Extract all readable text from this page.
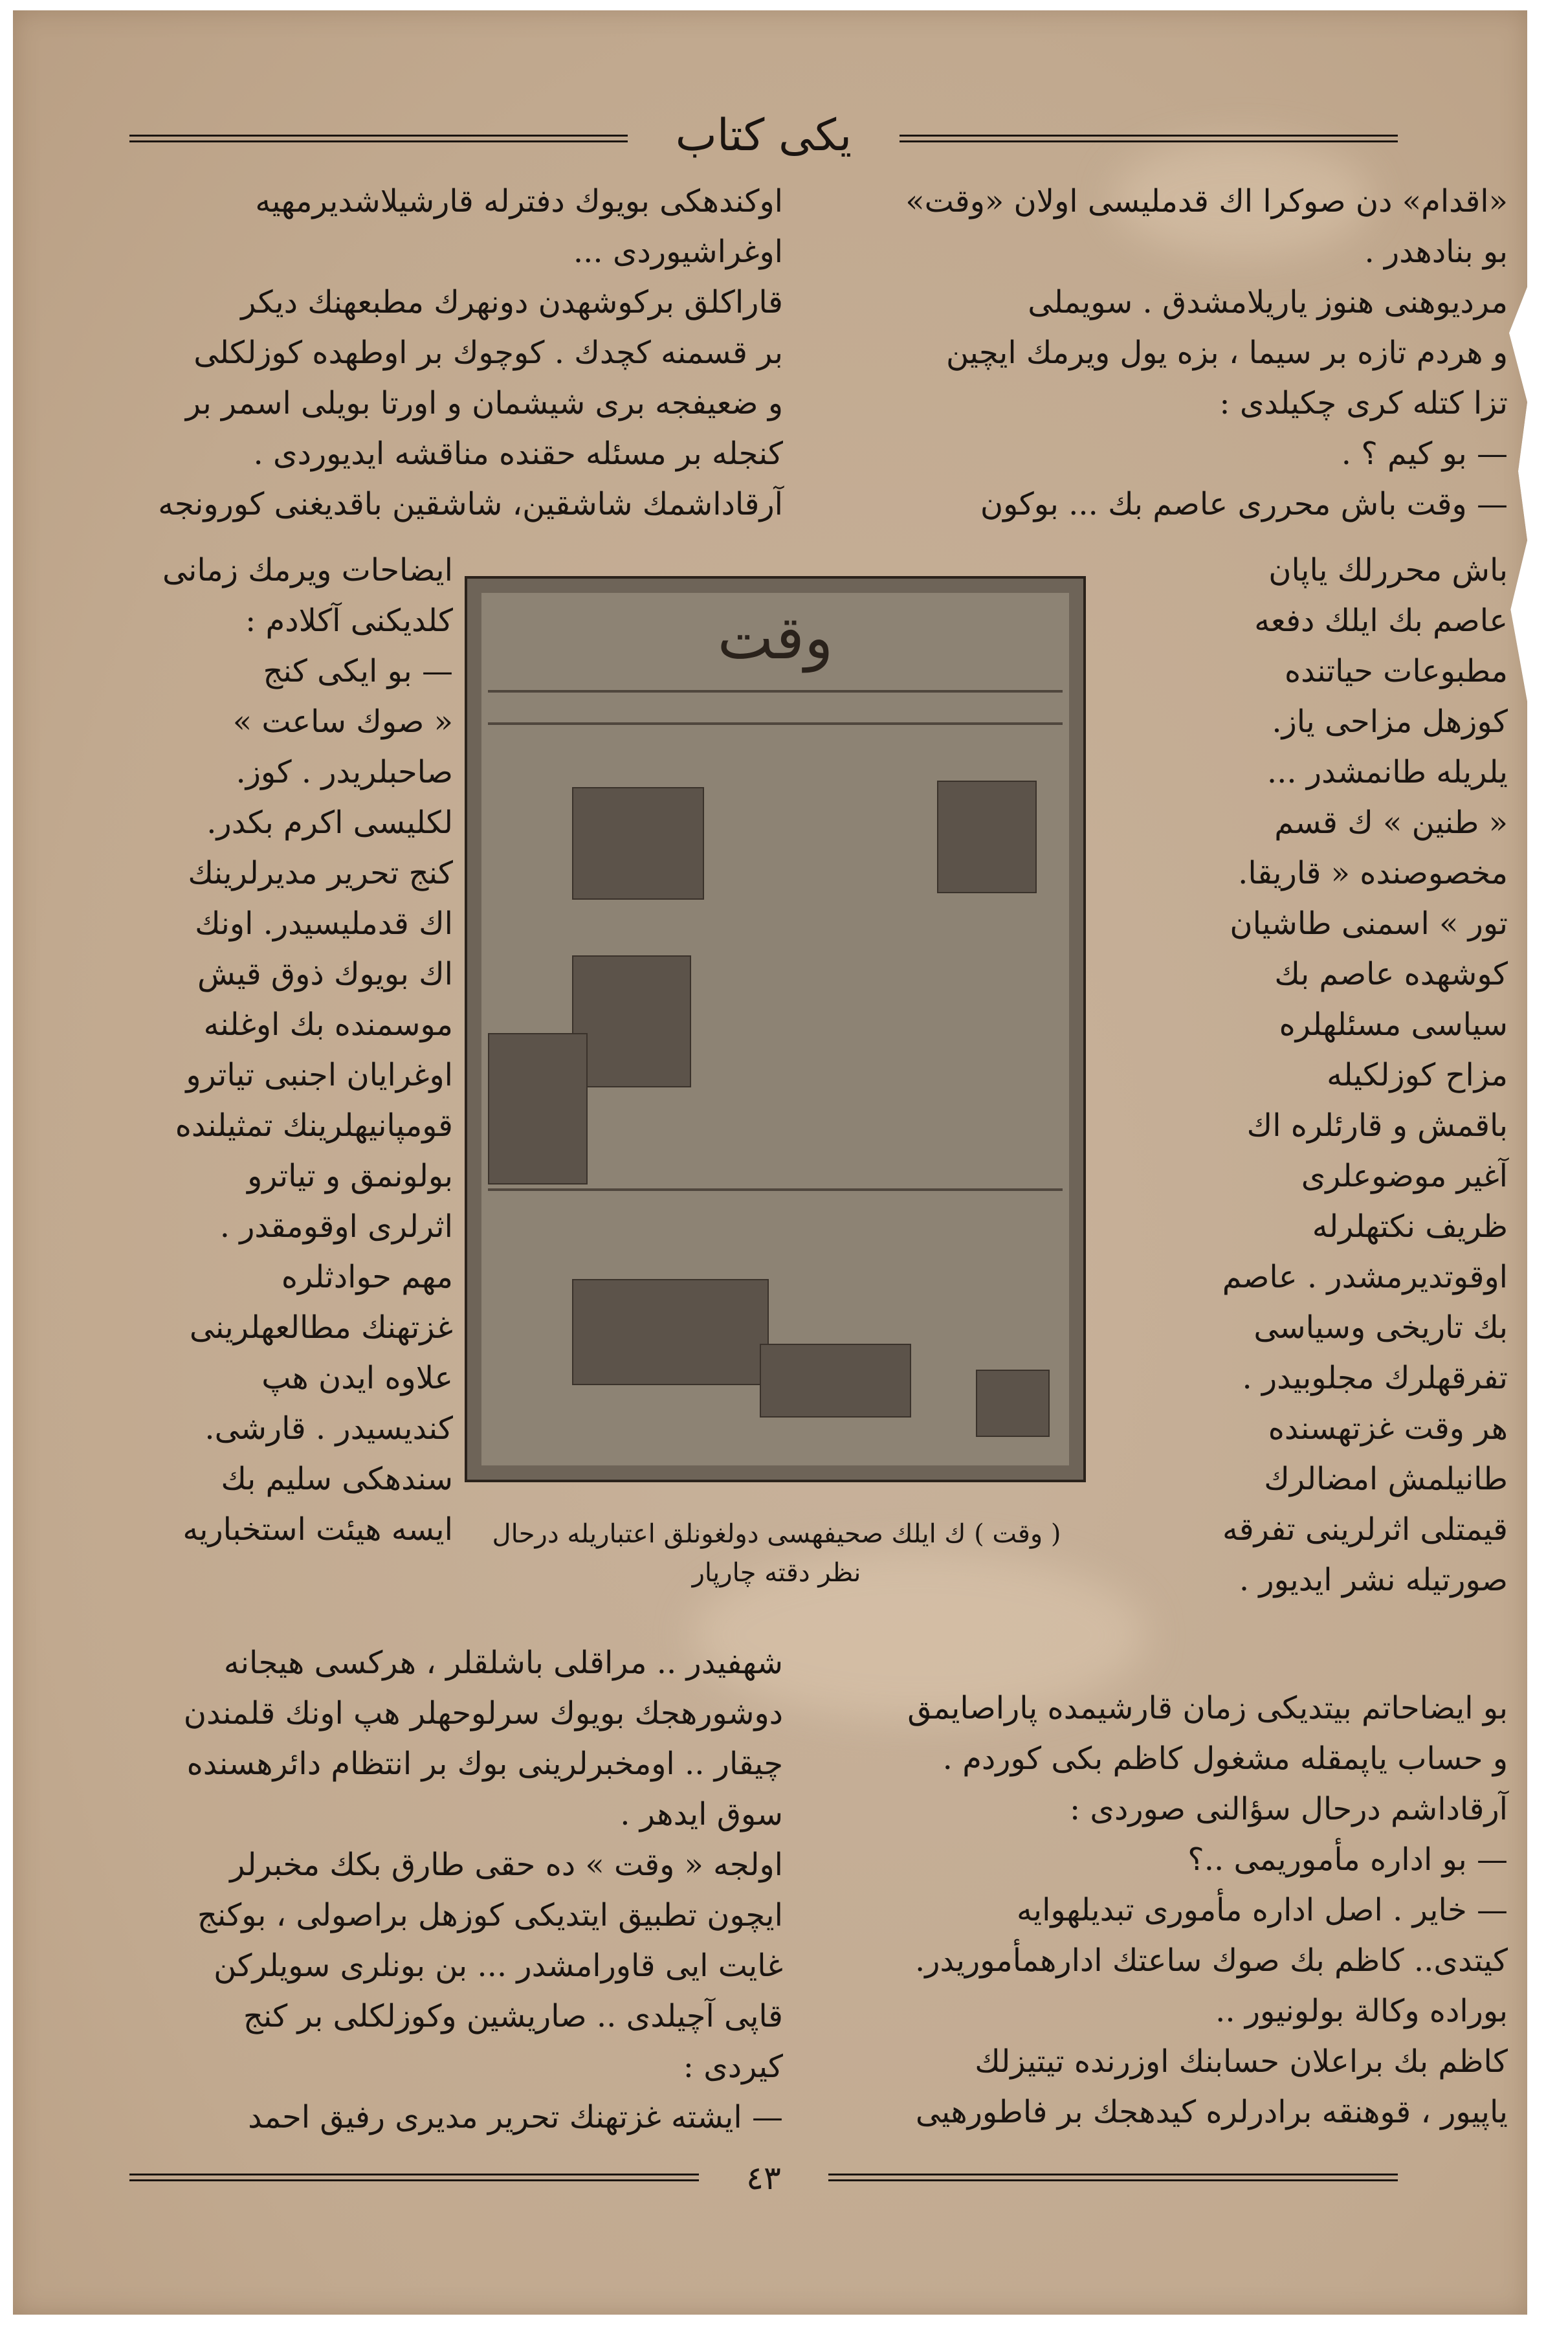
یکی کتاب

«اقدام» دن صوکرا اك قدملیسی اولان «وقت»

بو بنادهدر .

مردیوهنی هنوز یاریلامشدق . سویملی

و هردم تازه بر سیما ، بزه یول ویرمك ایچین

تزا کتله کری چکیلدی :

— بو کیم ؟ .

— وقت باش محرری عاصم بك ... بوکون

باش محررلك یاپان

عاصم بك ایلك دفعه

مطبوعات حیاتنده

کوزهل مزاحی یاز.

یلریله طانمشدر ...

« طنین » ك قسم

مخصوصنده « قاریقا.

تور » اسمنی طاشیان

کوشهده عاصم بك

سیاسی مسئلهلره

مزاح کوزلکیله

باقمش و قارئلره اك

آغیر موضوعلری

ظریف نکتهلرله

اوقوتدیرمشدر . عاصم

بك تاریخی وسیاسی

تفرقهلرك مجلوبیدر .

هر وقت غزتهسنده

طانیلمش امضالرك

قیمتلی اثرلرینی تفرقه

صورتیله نشر ایدیور .

بو ایضاحاتم بیتدیکی زمان قارشیمده پاراصایمق

و حساب یاپمقله مشغول کاظم بکی کوردم .

آرقاداشم درحال سؤالنی صوردی :

— بو اداره مأموریمی ..؟

— خایر . اصل اداره مأموری تبدیلهوایه

کیتدی.. کاظم بك صوك ساعتك ادارهمأموریدر.

بوراده وکالة بولونیور ..

کاظم بك براعلان حسابنك اوزرنده تیتیزلك

یاپیور ، قوهنقه برادرلره کیدهجك بر فاطورهیی

اوکندهکی بویوك دفترله قارشیلاشدیرمهیه

اوغراشیوردی ...

قاراکلق برکوشهدن دونهرك مطبعهنك دیکر

بر قسمنه کچدك . کوچوك بر اوطهده کوزلکلی

و ضعیفجه بری شیشمان و اورتا بویلی اسمر بر

کنجله بر مسئله حقنده مناقشه ایدیوردی .

آرقاداشمك شاشقین، شاشقین باقدیغنی کورونجه

ایضاحات ویرمك زمانی

کلدیکنی آکلادم :

— بو ایکی کنج

« صوك ساعت »

صاحبلریدر . کوز.

لکلیسی اکرم بکدر.

کنج تحریر مدیرلرینك

اك قدملیسیدر. اونك

اك بویوك ذوق قیش

موسمنده بك اوغلنه

اوغرایان اجنبی تیاترو

قومپانیهلرینك تمثیلنده

بولونمق و تیاترو

اثرلری اوقومقدر .

مهم حوادثلره

غزتهنك مطالعهلرینی

علاوه ایدن هپ

کندیسیدر . قارشی.

سندهکی سلیم بك

ایسه هیئت استخباریه

وقت
( وقت ) ك ایلك صحیفهسی دولغونلق اعتباریله درحال
نظر دقته چارپار

شهفیدر .. مراقلی باشلقلر ، هرکسی هیجانه

دوشورهجك بویوك سرلوحهلر هپ اونك قلمندن

چیقار .. اومخبرلرینی بوك بر انتظام دائرهسنده

سوق ایدهر .

اولجه « وقت » ده حقی طارق بكك مخبرلر

ایچون تطبیق ایتدیکی کوزهل براصولی ، بوکنج

غایت ایی قاورامشدر ... بن بونلری سویلرکن

قاپی آچیلدی .. صاریشین وکوزلکلی بر کنج

کیردی :

— ایشته غزتهنك تحریر مدیری رفیق احمد

٤٣
